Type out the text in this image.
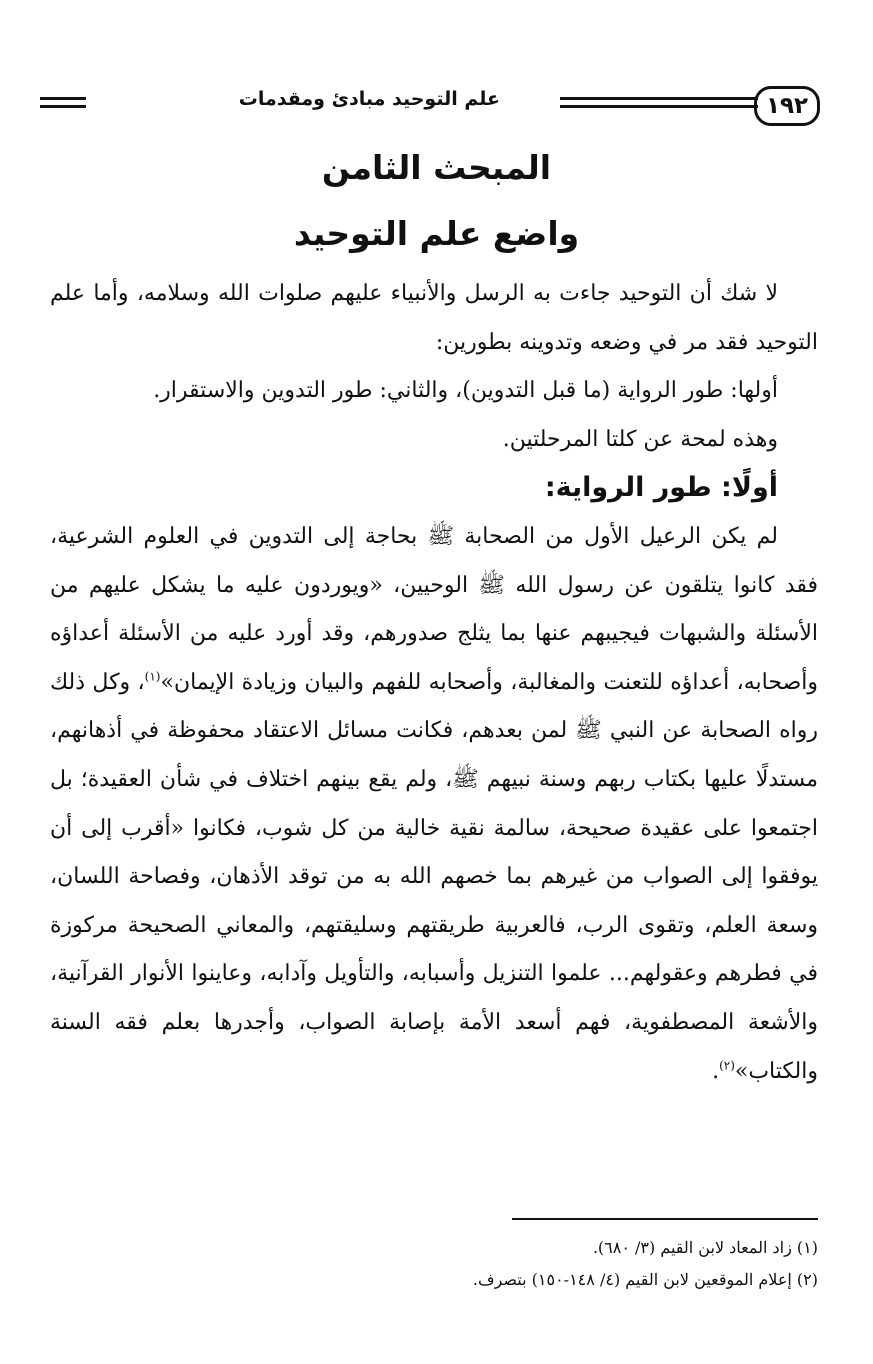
١٩٢
علم التوحيد مبادئ ومقدمات
المبحث الثامن
واضع علم التوحيد

لا شك أن التوحيد جاءت به الرسل والأنبياء عليهم صلوات الله وسلامه، وأما علم التوحيد فقد مر في وضعه وتدوينه بطورين:

أولها: طور الرواية (ما قبل التدوين)، والثاني: طور التدوين والاستقرار.

وهذه لمحة عن كلتا المرحلتين.

أولًا: طور الرواية:

لم يكن الرعيل الأول من الصحابة ﷺ بحاجة إلى التدوين في العلوم الشرعية، فقد كانوا يتلقون عن رسول الله ﷺ الوحيين، «ويوردون عليه ما يشكل عليهم من الأسئلة والشبهات فيجيبهم عنها بما يثلج صدورهم، وقد أورد عليه من الأسئلة أعداؤه وأصحابه، أعداؤه للتعنت والمغالبة، وأصحابه للفهم والبيان وزيادة الإيمان»$^{(١)}$، وكل ذلك رواه الصحابة عن النبي ﷺ لمن بعدهم، فكانت مسائل الاعتقاد محفوظة في أذهانهم، مستدلًا عليها بكتاب ربهم وسنة نبيهم ﷺ، ولم يقع بينهم اختلاف في شأن العقيدة؛ بل اجتمعوا على عقيدة صحيحة، سالمة نقية خالية من كل شوب، فكانوا «أقرب إلى أن يوفقوا إلى الصواب من غيرهم بما خصهم الله به من توقد الأذهان، وفصاحة اللسان، وسعة العلم، وتقوى الرب، فالعربية طريقتهم وسليقتهم، والمعاني الصحيحة مركوزة في فطرهم وعقولهم... علموا التنزيل وأسبابه، والتأويل وآدابه، وعاينوا الأنوار القرآنية، والأشعة المصطفوية، فهم أسعد الأمة بإصابة الصواب، وأجدرها بعلم فقه السنة والكتاب»$^{(٢)}$.

(١) زاد المعاد لابن القيم (٣/ ٦٨٠).

(٢) إعلام الموقعين لابن القيم (٤/ ١٤٨-١٥٠) بتصرف.
